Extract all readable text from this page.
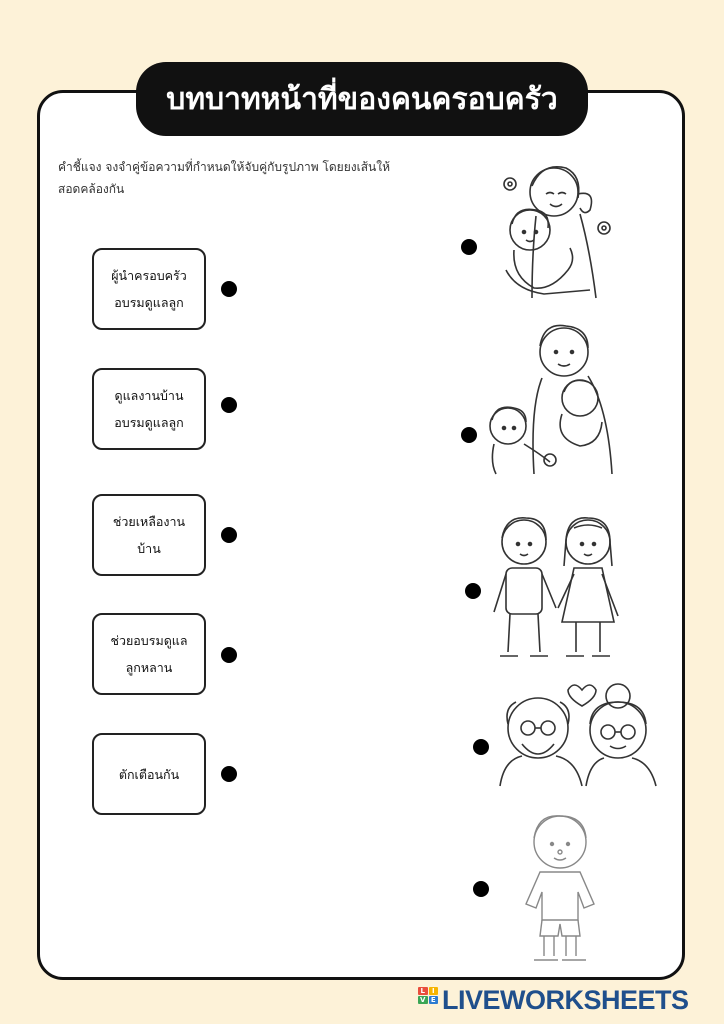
บทบาทหน้าที่ของคนครอบครัว
คำชี้แจง จงจำคู่ข้อความที่กำหนดให้จับคู่กับรูปภาพ โดยยงเส้นให้สอดคล้องกัน
ผู้นำครอบครัว
อบรมดูแลลูก
ดูแลงานบ้าน
อบรมดูแลลูก
ช่วยเหลืองาน
บ้าน
ช่วยอบรมดูแล
ลูกหลาน
ตักเตือนกัน
L I
V E LIVEWORKSHEETS
